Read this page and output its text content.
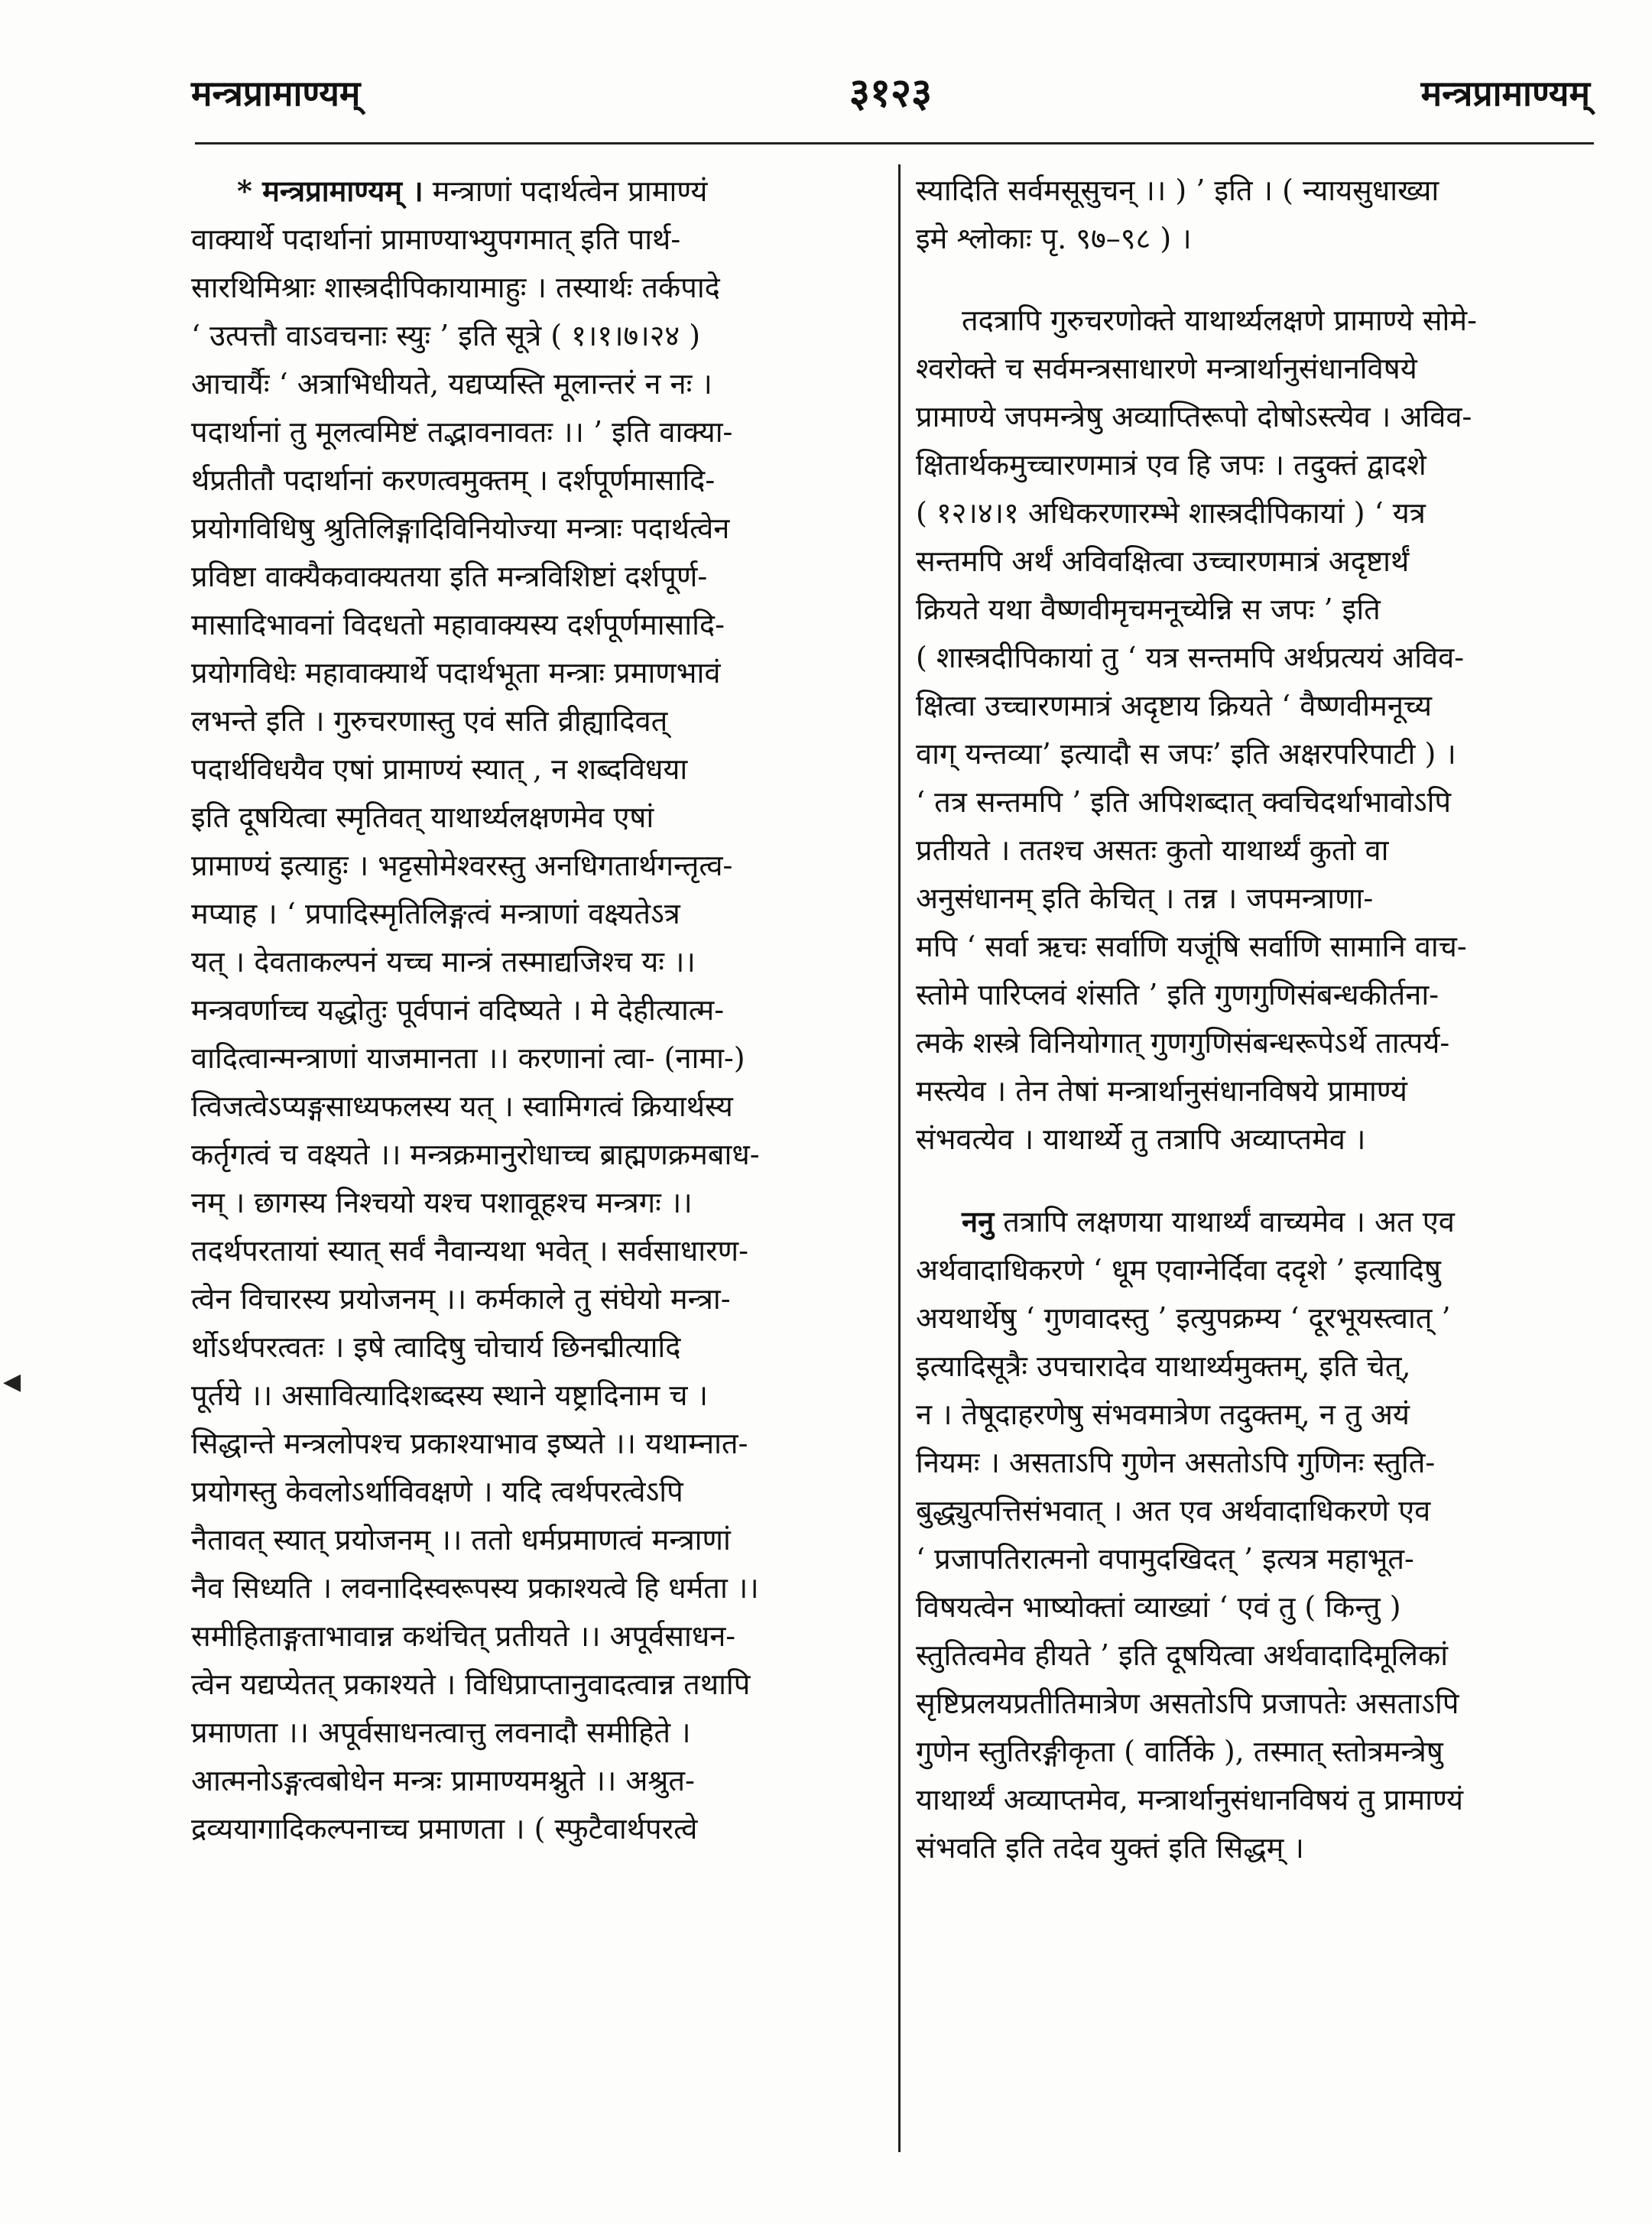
मन्त्रप्रामाण्यम्	३१२३	मन्त्रप्रामाण्यम्
◀

* मन्त्रप्रामाण्यम् । मन्त्राणां पदार्थत्वेन प्रामाण्यं
वाक्यार्थे पदार्थानां प्रामाण्याभ्युपगमात् इति पार्थ-
सारथिमिश्राः शास्त्रदीपिकायामाहुः । तस्यार्थः तर्कपादे
‘ उत्पत्तौ वाऽवचनाः स्युः ’ इति सूत्रे ( १।१।७।२४ )
आचार्यैः ‘ अत्राभिधीयते, यद्यप्यस्ति मूलान्तरं न नः ।
पदार्थानां तु मूलत्वमिष्टं तद्भावनावतः ।। ’ इति वाक्या-
र्थप्रतीतौ पदार्थानां करणत्वमुक्तम् । दर्शपूर्णमासादि-
प्रयोगविधिषु श्रुतिलिङ्गादिविनियोज्या मन्त्राः पदार्थत्वेन
प्रविष्टा वाक्यैकवाक्यतया इति मन्त्रविशिष्टां दर्शपूर्ण-
मासादिभावनां विदधतो महावाक्यस्य दर्शपूर्णमासादि-
प्रयोगविधेः महावाक्यार्थे पदार्थभूता मन्त्राः प्रमाणभावं
लभन्ते इति । गुरुचरणास्तु एवं सति व्रीह्यादिवत्
पदार्थविधयैव एषां प्रामाण्यं स्यात् , न शब्दविधया
इति दूषयित्वा स्मृतिवत् याथार्थ्यलक्षणमेव एषां
प्रामाण्यं इत्याहुः । भट्टसोमेश्वरस्तु अनधिगतार्थगन्तृत्व-
मप्याह । ‘ प्रपादिस्मृतिलिङ्गत्वं मन्त्राणां वक्ष्यतेऽत्र
यत् । देवताकल्पनं यच्च मान्त्रं तस्माद्यजिश्च यः ।।
मन्त्रवर्णाच्च यद्धोतुः पूर्वपानं वदिष्यते । मे देहीत्यात्म-
वादित्वान्मन्त्राणां याजमानता ।। करणानां त्वा- (नामा-)
त्विजत्वेऽप्यङ्गसाध्यफलस्य यत् । स्वामिगत्वं क्रियार्थस्य
कर्तृगत्वं च वक्ष्यते ।। मन्त्रक्रमानुरोधाच्च ब्राह्मणक्रमबाध-
नम् । छागस्य निश्चयो यश्च पशावूहश्च मन्त्रगः ।।
तदर्थपरतायां स्यात् सर्वं नैवान्यथा भवेत् । सर्वसाधारण-
त्वेन विचारस्य प्रयोजनम् ।। कर्मकाले तु संघेयो मन्त्रा-
र्थोऽर्थपरत्वतः । इषे त्वादिषु चोचार्य छिनद्मीत्यादि
पूर्तये ।। असावित्यादिशब्दस्य स्थाने यष्ट्रादिनाम च ।
सिद्धान्ते मन्त्रलोपश्च प्रकाश्याभाव इष्यते ।। यथाम्नात-
प्रयोगस्तु केवलोऽर्थाविवक्षणे । यदि त्वर्थपरत्वेऽपि
नैतावत् स्यात् प्रयोजनम् ।। ततो धर्मप्रमाणत्वं मन्त्राणां
नैव सिध्यति । लवनादिस्वरूपस्य प्रकाश्यत्वे हि धर्मता ।।
समीहिताङ्गताभावान्न कथंचित् प्रतीयते ।। अपूर्वसाधन-
त्वेन यद्यप्येतत् प्रकाश्यते । विधिप्राप्तानुवादत्वान्न तथापि
प्रमाणता ।। अपूर्वसाधनत्वात्तु लवनादौ समीहिते ।
आत्मनोऽङ्गत्वबोधेन मन्त्रः प्रामाण्यमश्नुते ।। अश्रुत-
द्रव्ययागादिकल्पनाच्च प्रमाणता । ( स्फुटैवार्थपरत्वे

स्यादिति सर्वमसूसुचन् ।। ) ’ इति । ( न्यायसुधाख्या
इमे श्लोकाः पृ. ९७–९८ ) ।

तदत्रापि गुरुचरणोक्ते याथार्थ्यलक्षणे प्रामाण्ये सोमे-
श्वरोक्ते च सर्वमन्त्रसाधारणे मन्त्रार्थानुसंधानविषये
प्रामाण्ये जपमन्त्रेषु अव्याप्तिरूपो दोषोऽस्त्येव । अविव-
क्षितार्थकमुच्चारणमात्रं एव हि जपः । तदुक्तं द्वादशे
( १२।४।१ अधिकरणारम्भे शास्त्रदीपिकायां ) ‘ यत्र
सन्तमपि अर्थं अविवक्षित्वा उच्चारणमात्रं अदृष्टार्थं
क्रियते यथा वैष्णवीमृचमनूच्येन्नि स जपः ’ इति
( शास्त्रदीपिकायां तु ‘ यत्र सन्तमपि अर्थप्रत्ययं अविव-
क्षित्वा उच्चारणमात्रं अदृष्टाय क्रियते ‘ वैष्णवीमनूच्य
वाग् यन्तव्या’ इत्यादौ स जपः’ इति अक्षरपरिपाटी ) ।
‘ तत्र सन्तमपि ’ इति अपिशब्दात् क्वचिदर्थाभावोऽपि
प्रतीयते । ततश्च असतः कुतो याथार्थ्यं कुतो वा
अनुसंधानम् इति केचित् । तन्न । जपमन्त्राणा-
मपि ‘ सर्वा ऋचः सर्वाणि यजूंषि सर्वाणि सामानि वाच-
स्तोमे पारिप्लवं शंसति ’ इति गुणगुणिसंबन्धकीर्तना-
त्मके शस्त्रे विनियोगात् गुणगुणिसंबन्धरूपेऽर्थे तात्पर्य-
मस्त्येव । तेन तेषां मन्त्रार्थानुसंधानविषये प्रामाण्यं
संभवत्येव । याथार्थ्ये तु तत्रापि अव्याप्तमेव ।

ननु तत्रापि लक्षणया याथार्थ्यं वाच्यमेव । अत एव
अर्थवादाधिकरणे ‘ धूम एवाग्नेर्दिवा ददृशे ’ इत्यादिषु
अयथार्थेषु ‘ गुणवादस्तु ’ इत्युपक्रम्य ‘ दूरभूयस्त्वात् ’
इत्यादिसूत्रैः उपचारादेव याथार्थ्यमुक्तम्, इति चेत्,
न । तेषूदाहरणेषु संभवमात्रेण तदुक्तम्, न तु अयं
नियमः । असताऽपि गुणेन असतोऽपि गुणिनः स्तुति-
बुद्ध्युत्पत्तिसंभवात् । अत एव अर्थवादाधिकरणे एव
‘ प्रजापतिरात्मनो वपामुदखिदत् ’ इत्यत्र महाभूत-
विषयत्वेन भाष्योक्तां व्याख्यां ‘ एवं तु ( किन्तु )
स्तुतित्वमेव हीयते ’ इति दूषयित्वा अर्थवादादिमूलिकां
सृष्टिप्रलयप्रतीतिमात्रेण असतोऽपि प्रजापतेः असताऽपि
गुणेन स्तुतिरङ्गीकृता ( वार्तिके ), तस्मात् स्तोत्रमन्त्रेषु
याथार्थ्यं अव्याप्तमेव, मन्त्रार्थानुसंधानविषयं तु प्रामाण्यं
संभवति इति तदेव युक्तं इति सिद्धम् ।
